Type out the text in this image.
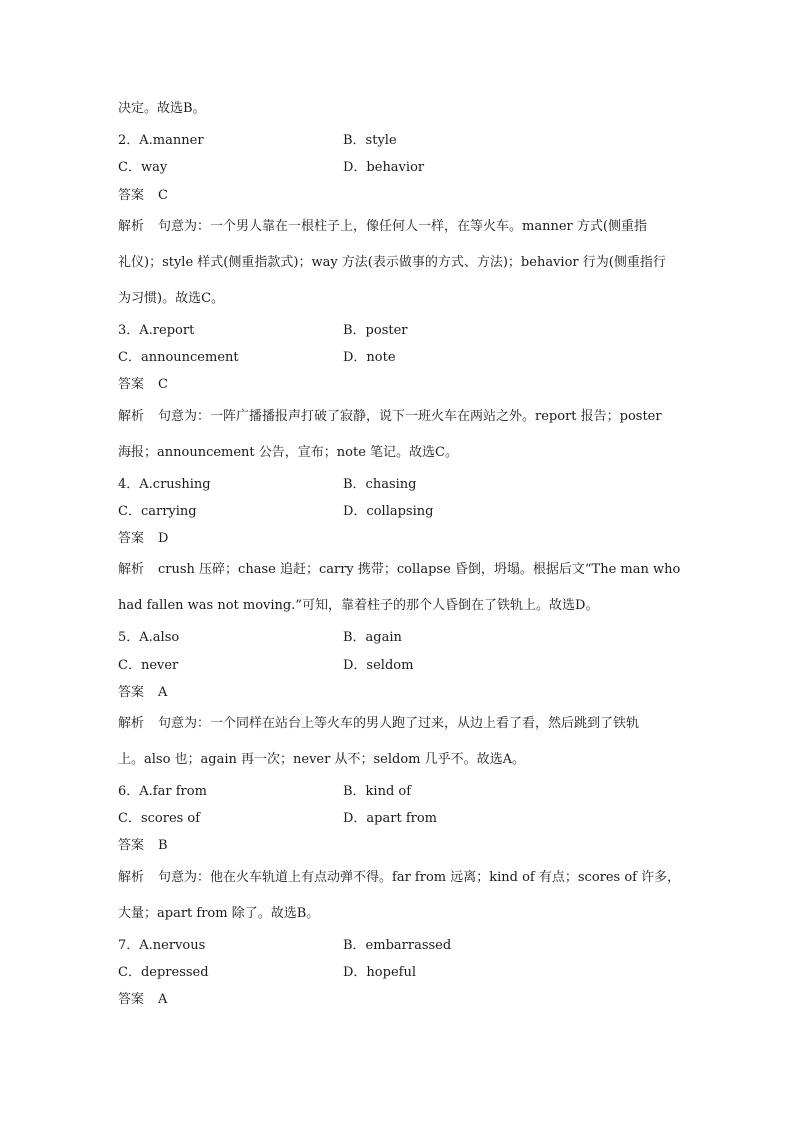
决定。故选B。
2．A.manner	B．style
C．way	D．behavior
答案 C
解析 句意为：一个男人靠在一根柱子上，像任何人一样，在等火车。manner 方式(侧重指
礼仪)；style 样式(侧重指款式)；way 方法(表示做事的方式、方法)；behavior 行为(侧重指行
为习惯)。故选C。
3．A.report	B．poster
C．announcement	D．note
答案 C
解析 句意为：一阵广播播报声打破了寂静，说下一班火车在两站之外。report 报告；poster
海报；announcement 公告，宣布；note 笔记。故选C。
4．A.crushing	B．chasing
C．carrying	D．collapsing
答案 D
解析 crush 压碎；chase 追赶；carry 携带；collapse 昏倒，坍塌。根据后文“The man who
had fallen was not moving.”可知，靠着柱子的那个人昏倒在了铁轨上。故选D。
5．A.also	B．again
C．never	D．seldom
答案 A
解析 句意为：一个同样在站台上等火车的男人跑了过来，从边上看了看，然后跳到了铁轨
上。also 也；again 再一次；never 从不；seldom 几乎不。故选A。
6．A.far from	B．kind of
C．scores of	D．apart from
答案 B
解析 句意为：他在火车轨道上有点动弹不得。far from 远离；kind of 有点；scores of 许多，
大量；apart from 除了。故选B。
7．A.nervous	B．embarrassed
C．depressed	D．hopeful
答案 A
